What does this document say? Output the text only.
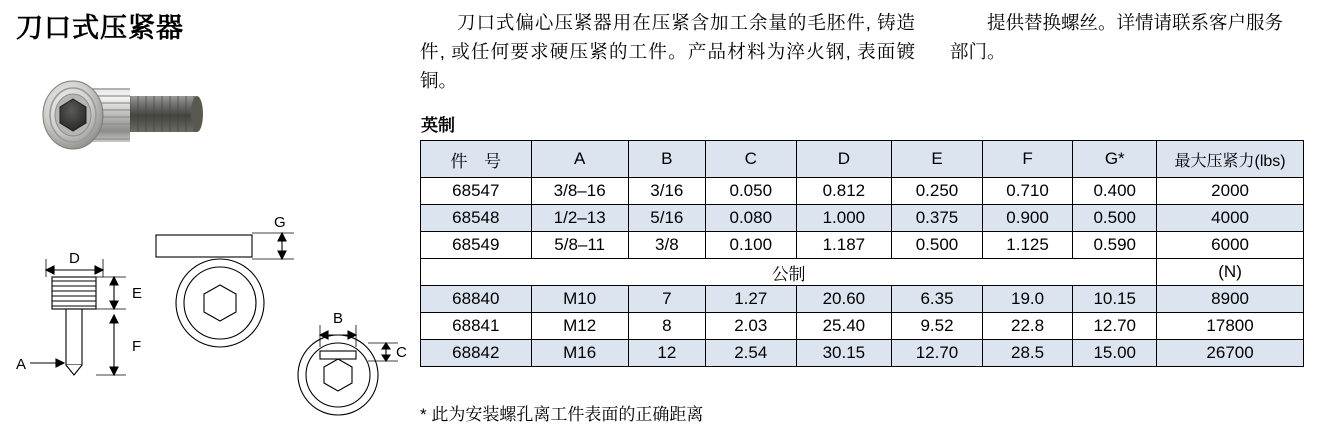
刀口式压紧器
D
E
F
A
G
B
C
刀口式偏心压紧器用在压紧含加工余量的毛胚件, 铸造件, 或任何要求硬压紧的工件。产品材料为淬火钢, 表面镀铜。
提供替换螺丝。详情请联系客户服务部门。
英制
件 号	A	B	C	D	E	F	G*	最大压紧力(lbs)
68547	3/8–16	3/16	0.050	0.812	0.250	0.710	0.400	2000
68548	1/2–13	5/16	0.080	1.000	0.375	0.900	0.500	4000
68549	5/8–11	3/8	0.100	1.187	0.500	1.125	0.590	6000
公制								(N)
68840	M10	7	1.27	20.60	6.35	19.0	10.15	8900
68841	M12	8	2.03	25.40	9.52	22.8	12.70	17800
68842	M16	12	2.54	30.15	12.70	28.5	15.00	26700
* 此为安装螺孔离工件表面的正确距离
